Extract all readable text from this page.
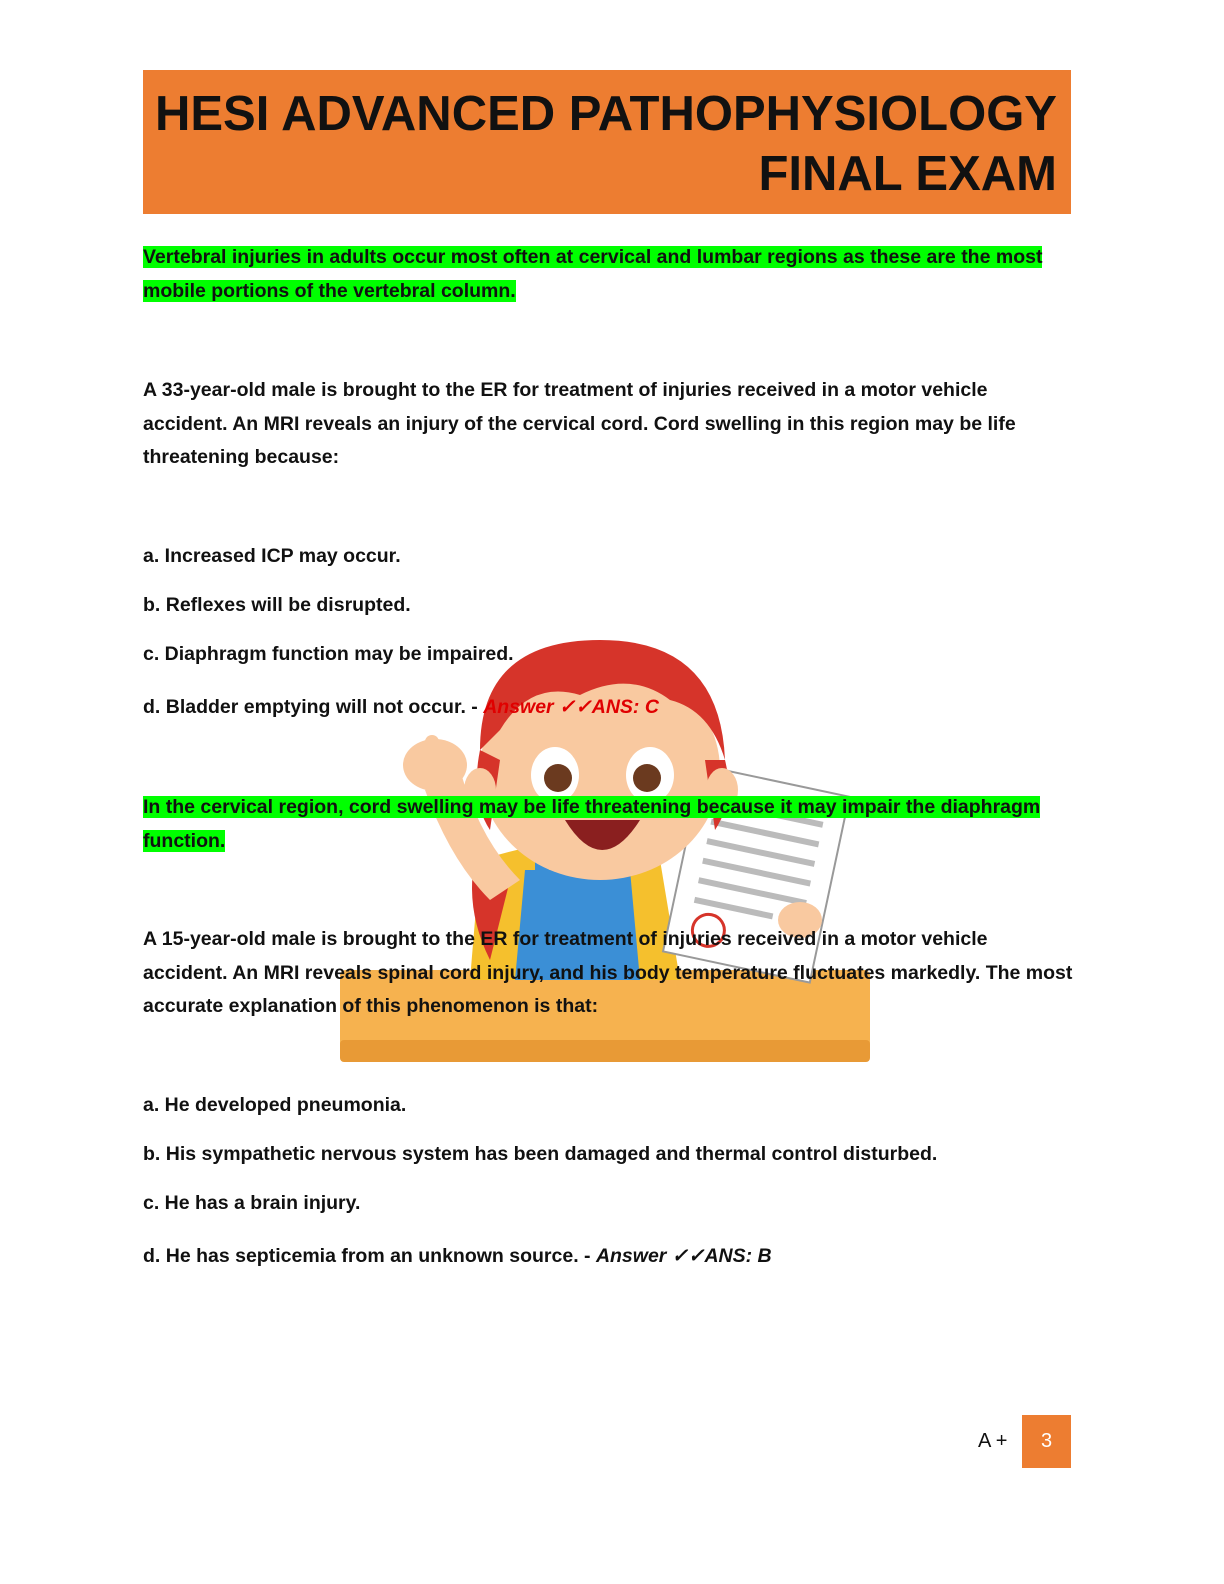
HESI ADVANCED PATHOPHYSIOLOGY
FINAL EXAM

Vertebral injuries in adults occur most often at cervical and lumbar regions as these are the most mobile portions of the vertebral column.

A 33-year-old male is brought to the ER for treatment of injuries received in a motor vehicle accident. An MRI reveals an injury of the cervical cord. Cord swelling in this region may be life threatening because:

a. Increased ICP may occur.

b. Reflexes will be disrupted.

c. Diaphragm function may be impaired.

d. Bladder emptying will not occur. - Answer ✓✓ANS: C

In the cervical region, cord swelling may be life threatening because it may impair the diaphragm function.

A 15-year-old male is brought to the ER for treatment of injuries received in a motor vehicle accident. An MRI reveals spinal cord injury, and his body temperature fluctuates markedly. The most accurate explanation of this phenomenon is that:

a. He developed pneumonia.

b. His sympathetic nervous system has been damaged and thermal control disturbed.

c. He has a brain injury.

d. He has septicemia from an unknown source. - Answer ✓✓ANS: B

A +	3
